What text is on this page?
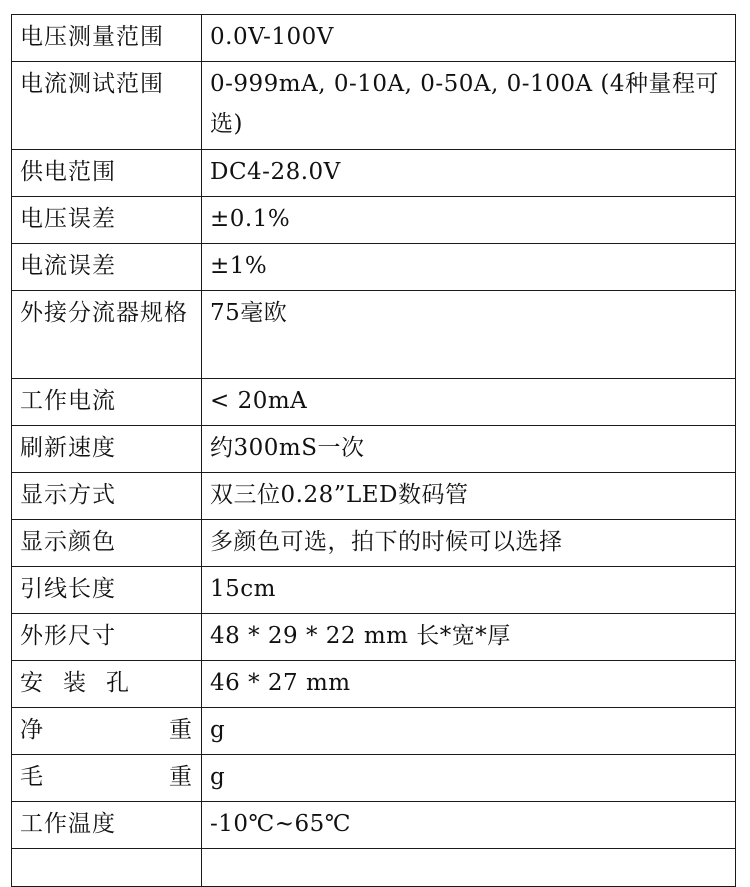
电压测量范围	0.0V-100V
电流测试范围	0-999mA, 0-10A, 0-50A, 0-100A (4种量程可选)
供电范围	DC4-28.0V
电压误差	±0.1%
电流误差	±1%
外接分流器规格	75毫欧
工作电流	< 20mA
刷新速度	约300mS一次
显示方式	双三位0.28”LED数码管
显示颜色	多颜色可选，拍下的时候可以选择
引线长度	15cm
外形尺寸	48 * 29 * 22 mm 长*宽*厚
安装孔	46 * 27 mm

净 重	g

毛 重	g
工作温度	-10℃~65℃
